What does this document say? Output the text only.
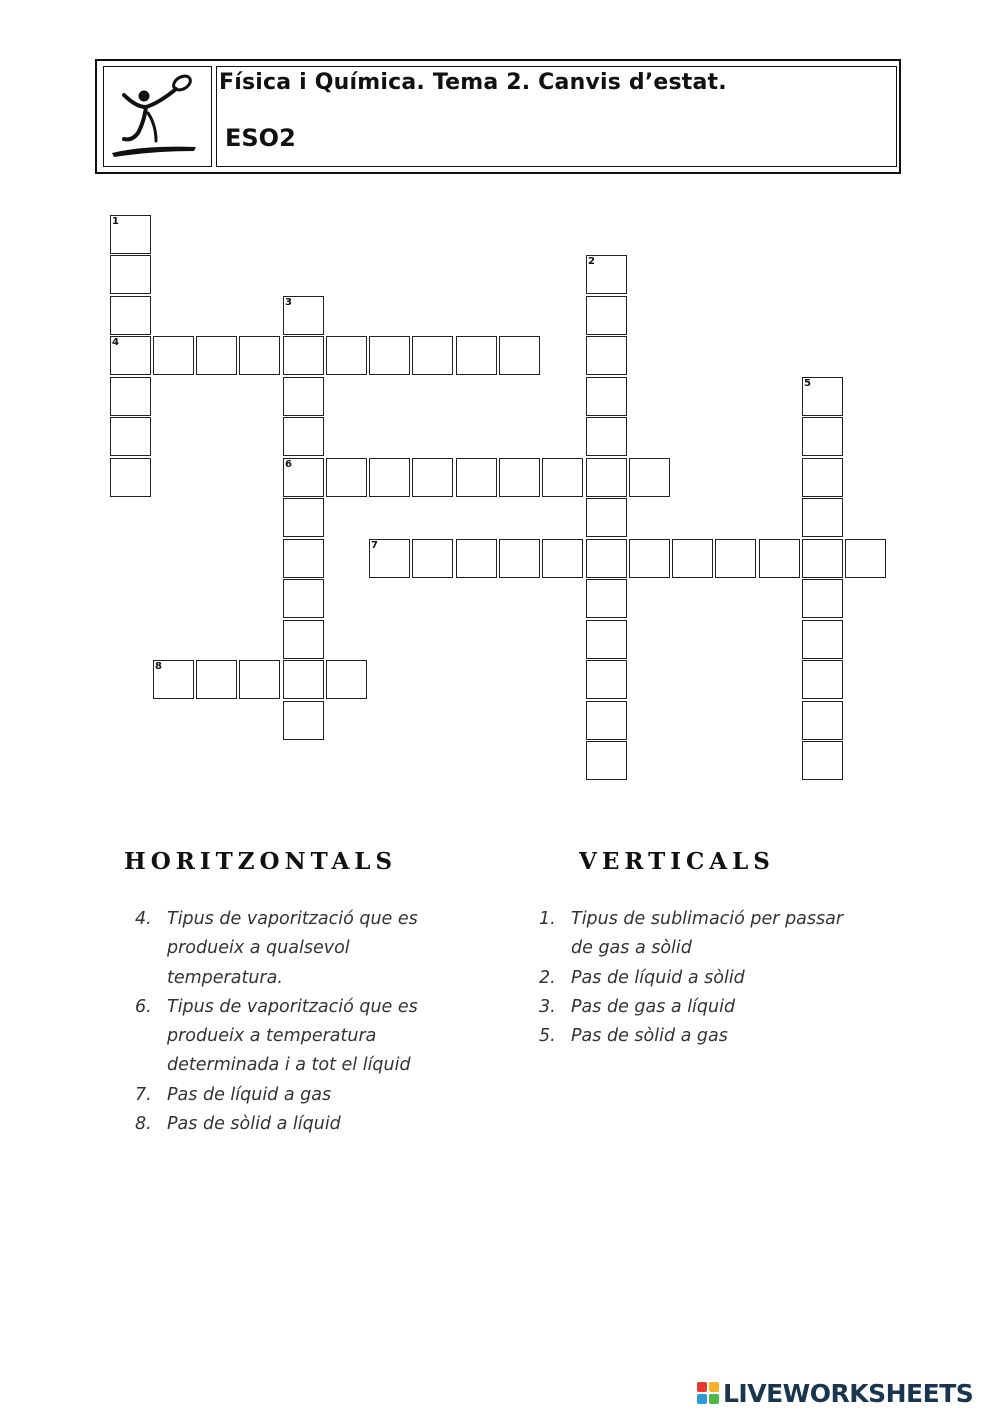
Física i Química. Tema 2. Canvis d’estat.
ESO2
1
4
2
3
6
5
7
8
HORITZONTALS	VERTICALS
4. Tipus de vaporització que es
produeix a qualsevol
temperatura.
6. Tipus de vaporització que es
produeix a temperatura
determinada i a tot el líquid
7. Pas de líquid a gas
8. Pas de sòlid a líquid
1. Tipus de sublimació per passar
de gas a sòlid
2. Pas de líquid a sòlid
3. Pas de gas a líquid
5. Pas de sòlid a gas
LIVEWORKSHEETS
